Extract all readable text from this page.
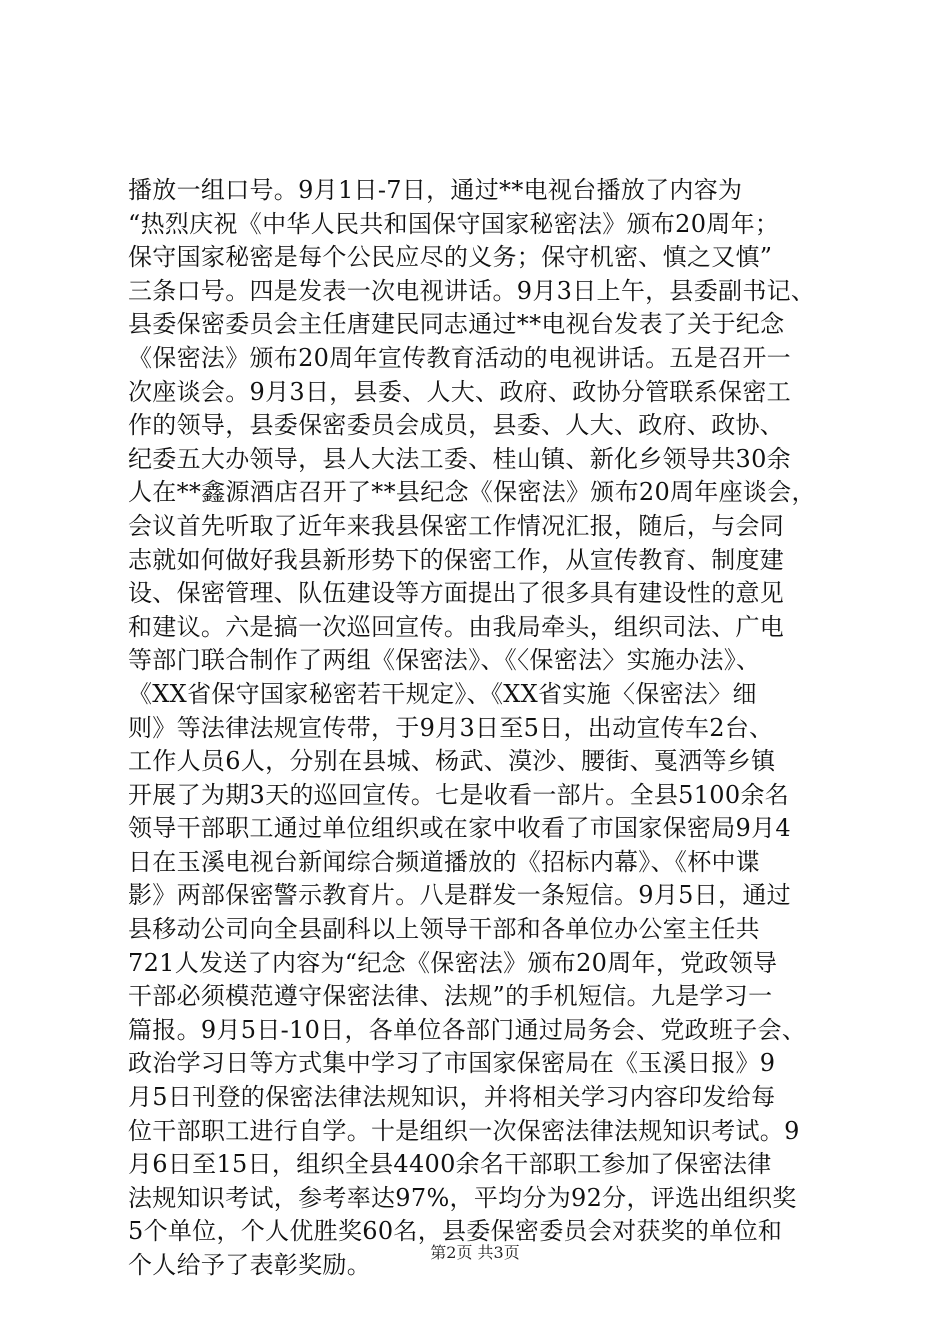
播放一组口号。9月1日-7日，通过**电视台播放了内容为
“热烈庆祝《中华人民共和国保守国家秘密法》颁布20周年；
保守国家秘密是每个公民应尽的义务；保守机密、慎之又慎”
三条口号。四是发表一次电视讲话。9月3日上午，县委副书记、
县委保密委员会主任唐建民同志通过**电视台发表了关于纪念
《保密法》颁布20周年宣传教育活动的电视讲话。五是召开一
次座谈会。9月3日，县委、人大、政府、政协分管联系保密工
作的领导，县委保密委员会成员，县委、人大、政府、政协、
纪委五大办领导，县人大法工委、桂山镇、新化乡领导共30余
人在**鑫源酒店召开了**县纪念《保密法》颁布20周年座谈会，
会议首先听取了近年来我县保密工作情况汇报，随后，与会同
志就如何做好我县新形势下的保密工作，从宣传教育、制度建
设、保密管理、队伍建设等方面提出了很多具有建设性的意见
和建议。六是搞一次巡回宣传。由我局牵头，组织司法、广电
等部门联合制作了两组《保密法》、《〈保密法〉实施办法》、
《XX省保守国家秘密若干规定》、《XX省实施〈保密法〉细
则》等法律法规宣传带，于9月3日至5日，出动宣传车2台、
工作人员6人，分别在县城、杨武、漠沙、腰街、戛洒等乡镇
开展了为期3天的巡回宣传。七是收看一部片。全县5100余名
领导干部职工通过单位组织或在家中收看了市国家保密局9月4
日在玉溪电视台新闻综合频道播放的《招标内幕》、《杯中谍
影》两部保密警示教育片。八是群发一条短信。9月5日，通过
县移动公司向全县副科以上领导干部和各单位办公室主任共
721人发送了内容为“纪念《保密法》颁布20周年，党政领导
干部必须模范遵守保密法律、法规”的手机短信。九是学习一
篇报。9月5日-10日，各单位各部门通过局务会、党政班子会、
政治学习日等方式集中学习了市国家保密局在《玉溪日报》9
月5日刊登的保密法律法规知识，并将相关学习内容印发给每
位干部职工进行自学。十是组织一次保密法律法规知识考试。9
月6日至15日，组织全县4400余名干部职工参加了保密法律
法规知识考试，参考率达97%，平均分为92分，评选出组织奖
5个单位，个人优胜奖60名，县委保密委员会对获奖的单位和
个人给予了表彰奖励。	第2页 共3页
